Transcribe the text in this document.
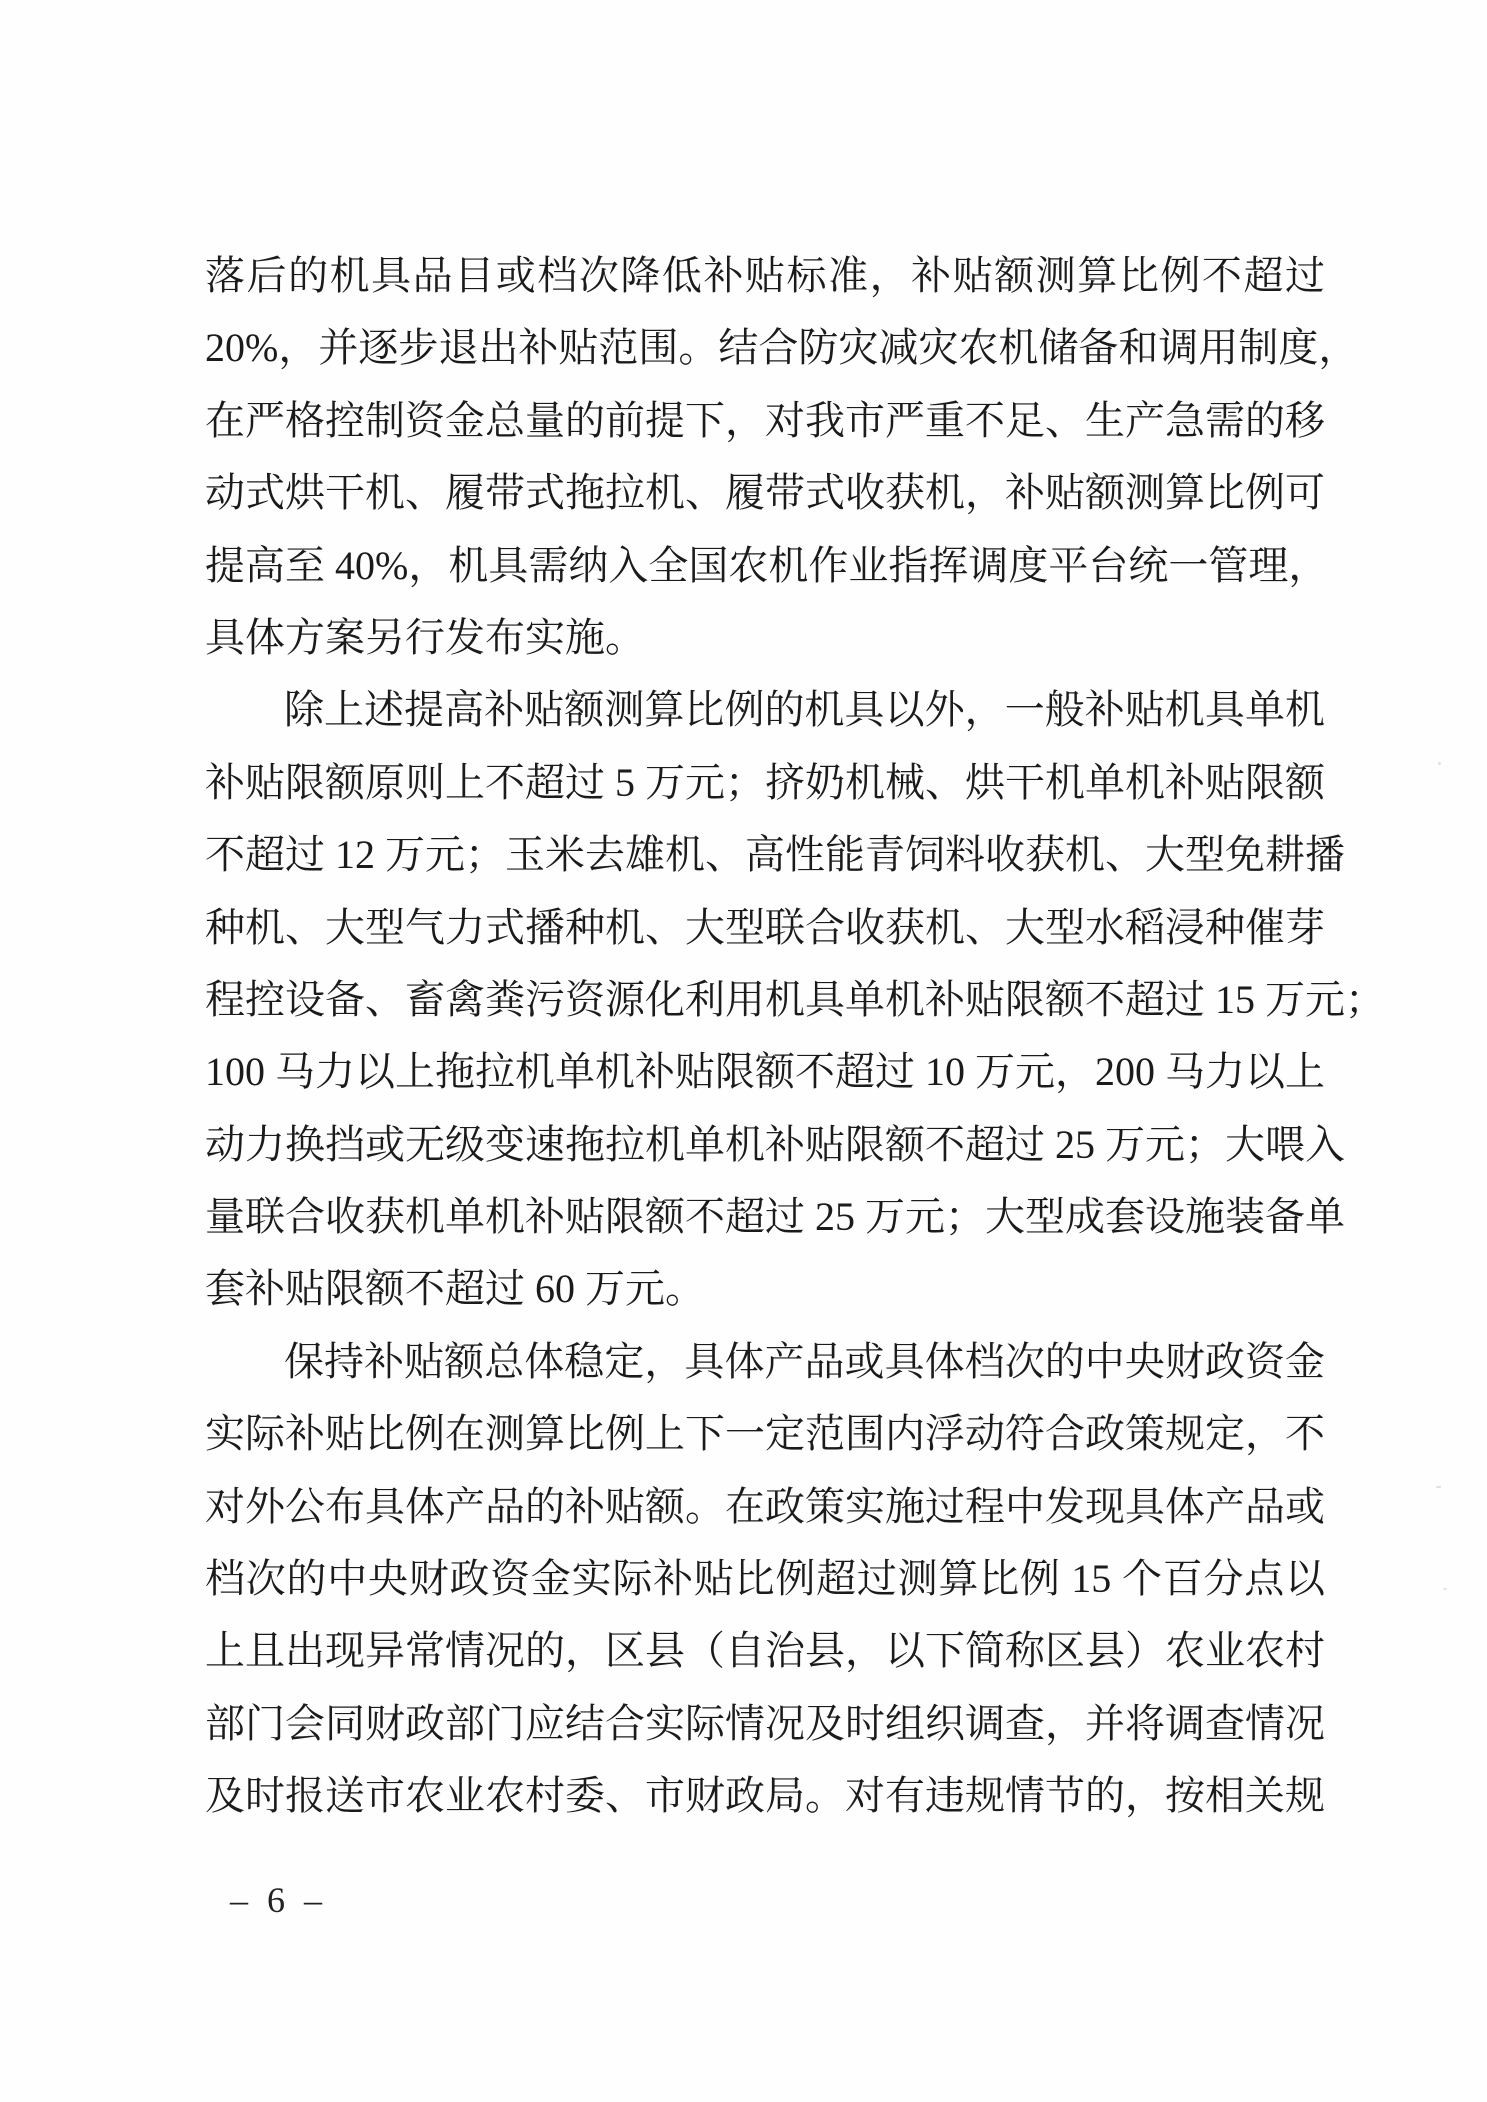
落后的机具品目或档次降低补贴标准，补贴额测算比例不超过
20%，并逐步退出补贴范围。结合防灾减灾农机储备和调用制度，
在严格控制资金总量的前提下，对我市严重不足、生产急需的移
动式烘干机、履带式拖拉机、履带式收获机，补贴额测算比例可
提高至 40%，机具需纳入全国农机作业指挥调度平台统一管理，
具体方案另行发布实施。
除上述提高补贴额测算比例的机具以外，一般补贴机具单机
补贴限额原则上不超过 5 万元；挤奶机械、烘干机单机补贴限额
不超过 12 万元；玉米去雄机、高性能青饲料收获机、大型免耕播
种机、大型气力式播种机、大型联合收获机、大型水稻浸种催芽
程控设备、畜禽粪污资源化利用机具单机补贴限额不超过 15 万元；
100 马力以上拖拉机单机补贴限额不超过 10 万元，200 马力以上
动力换挡或无级变速拖拉机单机补贴限额不超过 25 万元；大喂入
量联合收获机单机补贴限额不超过 25 万元；大型成套设施装备单
套补贴限额不超过 60 万元。
保持补贴额总体稳定，具体产品或具体档次的中央财政资金
实际补贴比例在测算比例上下一定范围内浮动符合政策规定，不
对外公布具体产品的补贴额。在政策实施过程中发现具体产品或
档次的中央财政资金实际补贴比例超过测算比例 15 个百分点以
上且出现异常情况的，区县（自治县，以下简称区县）农业农村
部门会同财政部门应结合实际情况及时组织调查，并将调查情况
及时报送市农业农村委、市财政局。对有违规情节的，按相关规
– 6 –
